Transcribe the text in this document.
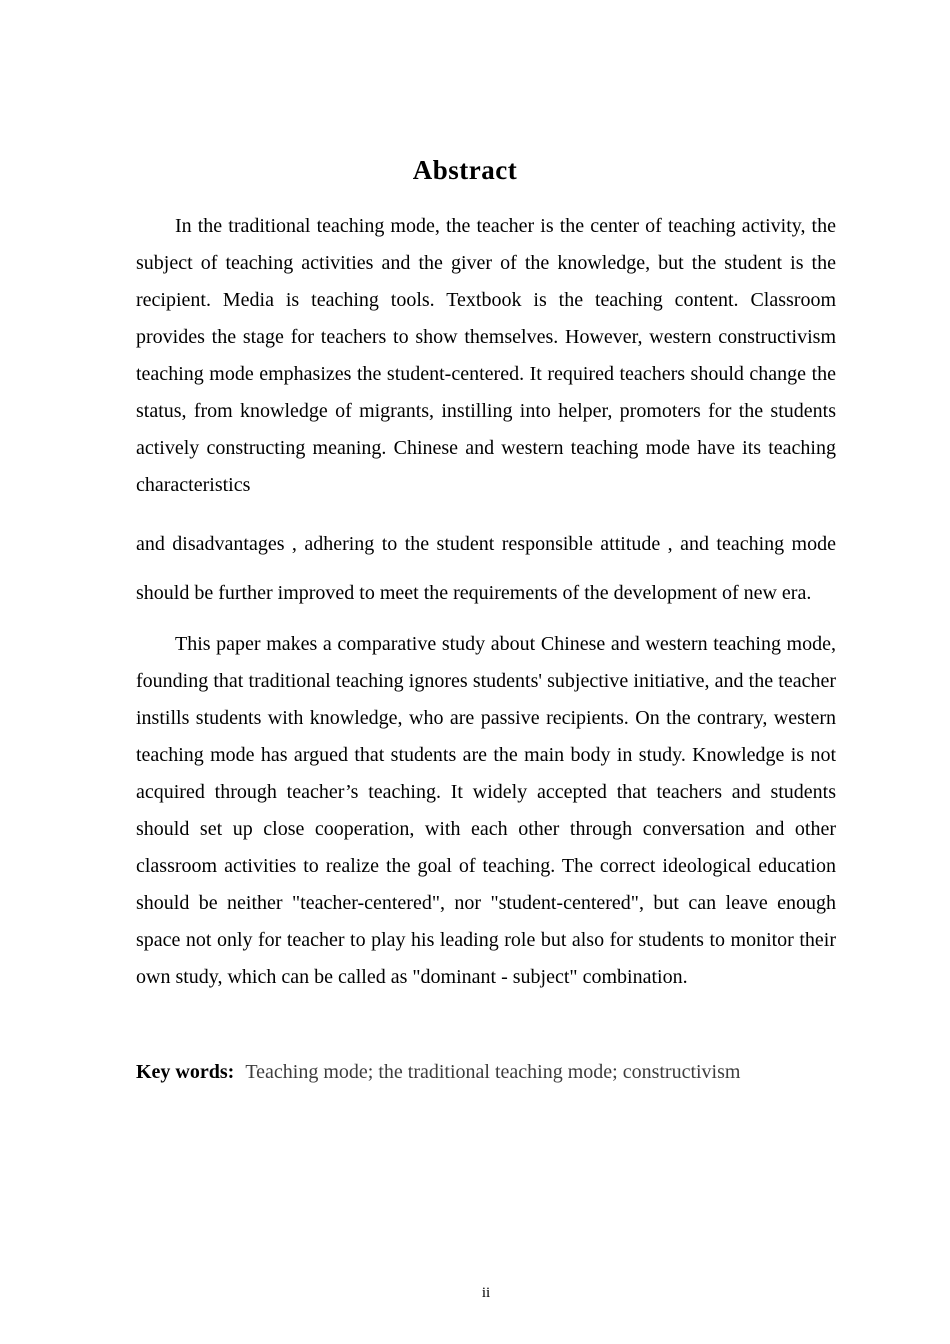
Abstract

In the traditional teaching mode, the teacher is the center of teaching activity, the subject of teaching activities and the giver of the knowledge, but the student is the recipient. Media is teaching tools. Textbook is the teaching content. Classroom provides the stage for teachers to show themselves. However, western constructivism teaching mode emphasizes the student-centered. It required teachers should change the status, from knowledge of migrants, instilling into helper, promoters for the students actively constructing meaning. Chinese and western teaching mode have its teaching characteristics

and disadvantages , adhering to the student responsible attitude , and teaching mode should be further improved to meet the requirements of the development of new era.

This paper makes a comparative study about Chinese and western teaching mode, founding that traditional teaching ignores students' subjective initiative, and the teacher instills students with knowledge, who are passive recipients. On the contrary, western teaching mode has argued that students are the main body in study. Knowledge is not acquired through teacher’s teaching. It widely accepted that teachers and students should set up close cooperation, with each other through conversation and other classroom activities to realize the goal of teaching. The correct ideological education should be neither "teacher-centered", nor "student-centered", but can leave enough space not only for teacher to play his leading role but also for students to monitor their own study, which can be called as "dominant - subject" combination.

Key words: Teaching mode; the traditional teaching mode; constructivism

ii
